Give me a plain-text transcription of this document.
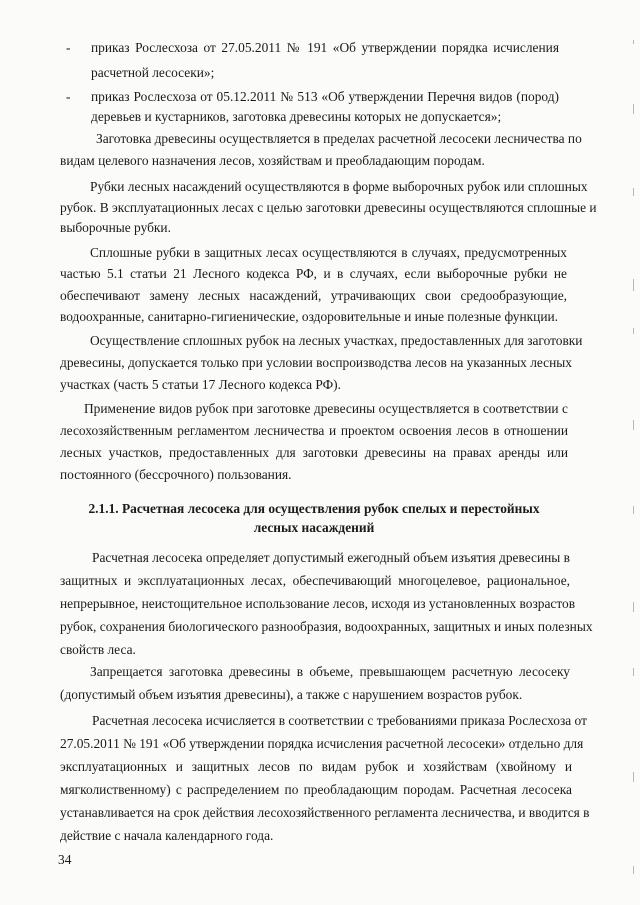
- приказ Рослесхоза от 27.05.2011 № 191 «Об утверждении порядка исчисления
расчетной лесосеки»;
- приказ Рослесхоза от 05.12.2011 № 513 «Об утверждении Перечня видов (пород)
деревьев и кустарников, заготовка древесины которых не допускается»;
Заготовка древесины осуществляется в пределах расчетной лесосеки лесничества по
видам целевого назначения лесов, хозяйствам и преобладающим породам.
Рубки лесных насаждений осуществляются в форме выборочных рубок или сплошных
рубок. В эксплуатационных лесах с целью заготовки древесины осуществляются сплошные и
выборочные рубки.
Сплошные рубки в защитных лесах осуществляются в случаях, предусмотренных
частью 5.1 статьи 21 Лесного кодекса РФ, и в случаях, если выборочные рубки не
обеспечивают замену лесных насаждений, утрачивающих свои средообразующие,
водоохранные, санитарно-гигиенические, оздоровительные и иные полезные функции.
Осуществление сплошных рубок на лесных участках, предоставленных для заготовки
древесины, допускается только при условии воспроизводства лесов на указанных лесных
участках (часть 5 статьи 17 Лесного кодекса РФ).
Применение видов рубок при заготовке древесины осуществляется в соответствии с
лесохозяйственным регламентом лесничества и проектом освоения лесов в отношении
лесных участков, предоставленных для заготовки древесины на правах аренды или
постоянного (бессрочного) пользования.
2.1.1. Расчетная лесосека для осуществления рубок спелых и перестойных
лесных насаждений
Расчетная лесосека определяет допустимый ежегодный объем изъятия древесины в
защитных и эксплуатационных лесах, обеспечивающий многоцелевое, рациональное,
непрерывное, неистощительное использование лесов, исходя из установленных возрастов
рубок, сохранения биологического разнообразия, водоохранных, защитных и иных полезных
свойств леса.
Запрещается заготовка древесины в объеме, превышающем расчетную лесосеку
(допустимый объем изъятия древесины), а также с нарушением возрастов рубок.
Расчетная лесосека исчисляется в соответствии с требованиями приказа Рослесхоза от
27.05.2011 № 191 «Об утверждении порядка исчисления расчетной лесосеки» отдельно для
эксплуатационных и защитных лесов по видам рубок и хозяйствам (хвойному и
мягколиственному) с распределением по преобладающим породам. Расчетная лесосека
устанавливается на срок действия лесохозяйственного регламента лесничества, и вводится в
действие с начала календарного года.
34
